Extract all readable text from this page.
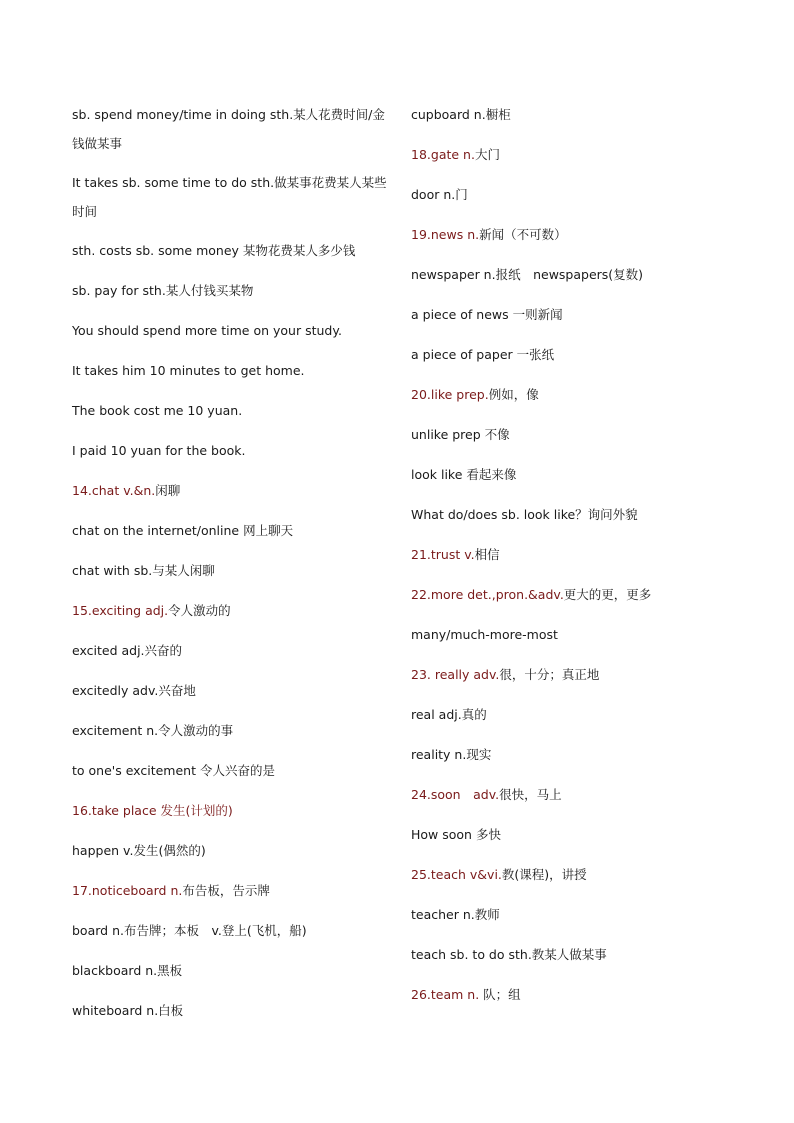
sb. spend money/time in doing sth.某人花费时间/金钱做某事

It takes sb. some time to do sth.做某事花费某人某些时间

sth. costs sb. some money 某物花费某人多少钱

sb. pay for sth.某人付钱买某物

You should spend more time on your study.

It takes him 10 minutes to get home.

The book cost me 10 yuan.

I paid 10 yuan for the book.

14.chat v.&n.闲聊

chat on the internet/online 网上聊天

chat with sb.与某人闲聊

15.exciting adj.令人激动的

excited adj.兴奋的

excitedly adv.兴奋地

excitement n.令人激动的事

to one's excitement 令人兴奋的是

16.take place 发生(计划的)

happen v.发生(偶然的)

17.noticeboard n.布告板，告示牌

board n.布告牌；本板　v.登上(飞机，船)

blackboard n.黑板

whiteboard n.白板

cupboard n.橱柜

18.gate n.大门

door n.门

19.news n.新闻（不可数）

newspaper n.报纸　newspapers(复数)

a piece of news 一则新闻

a piece of paper 一张纸

20.like prep.例如，像

unlike prep 不像

look like 看起来像

What do/does sb. look like？询问外貌

21.trust v.相信

22.more det.,pron.&adv.更大的更，更多

many/much-more-most

23. really adv.很，十分；真正地

real adj.真的

reality n.现实

24.soon　adv.很快，马上

How soon 多快

25.teach v&vi.教(课程)，讲授

teacher n.教师

teach sb. to do sth.教某人做某事

26.team n. 队；组
